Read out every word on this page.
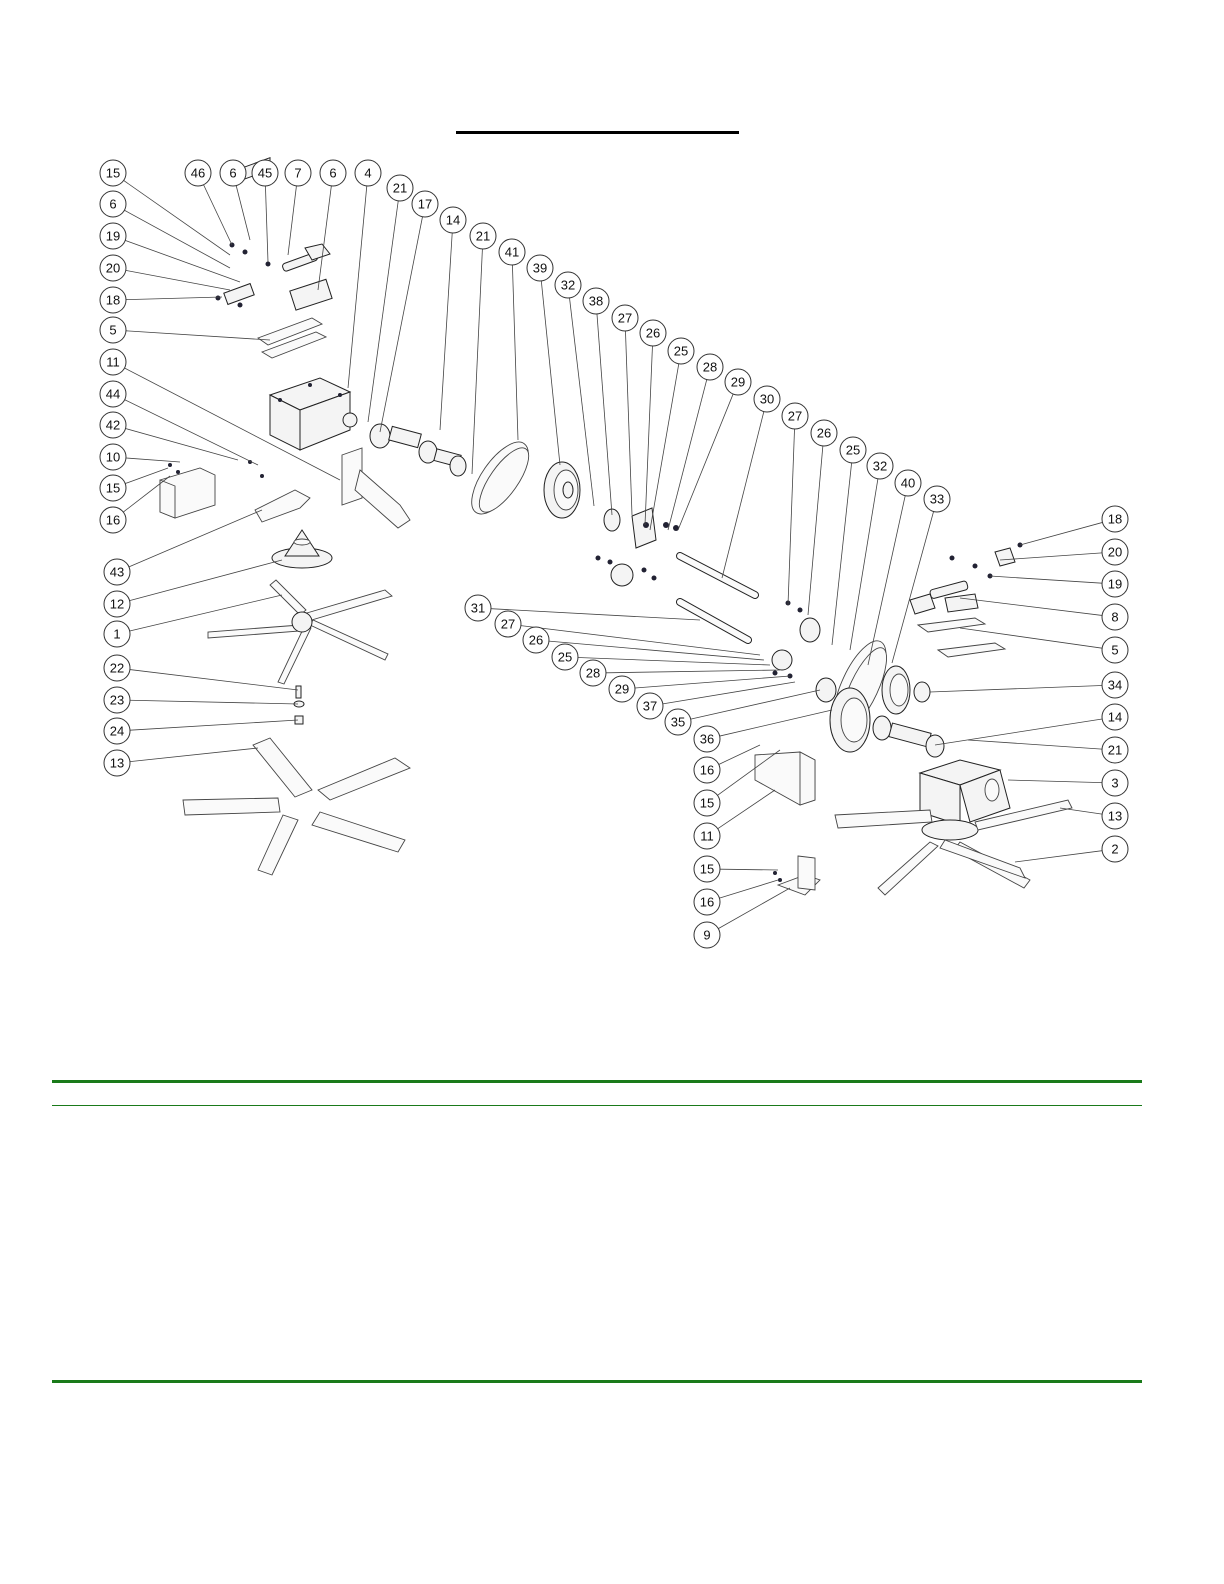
15	46 6 45 7 6 4
21
17
14
21
41
39
32
38
27
26
25
28
29
30
27
26
25
32
40
33
6
19
20
18
5
11
44
42
10
15
16
43
12
1
22
23
24
13
31
27
26
25
28
29
37
35
36
16
15
11
15
16
9
18
20
19
8
5
34
14
21
3
13
2
